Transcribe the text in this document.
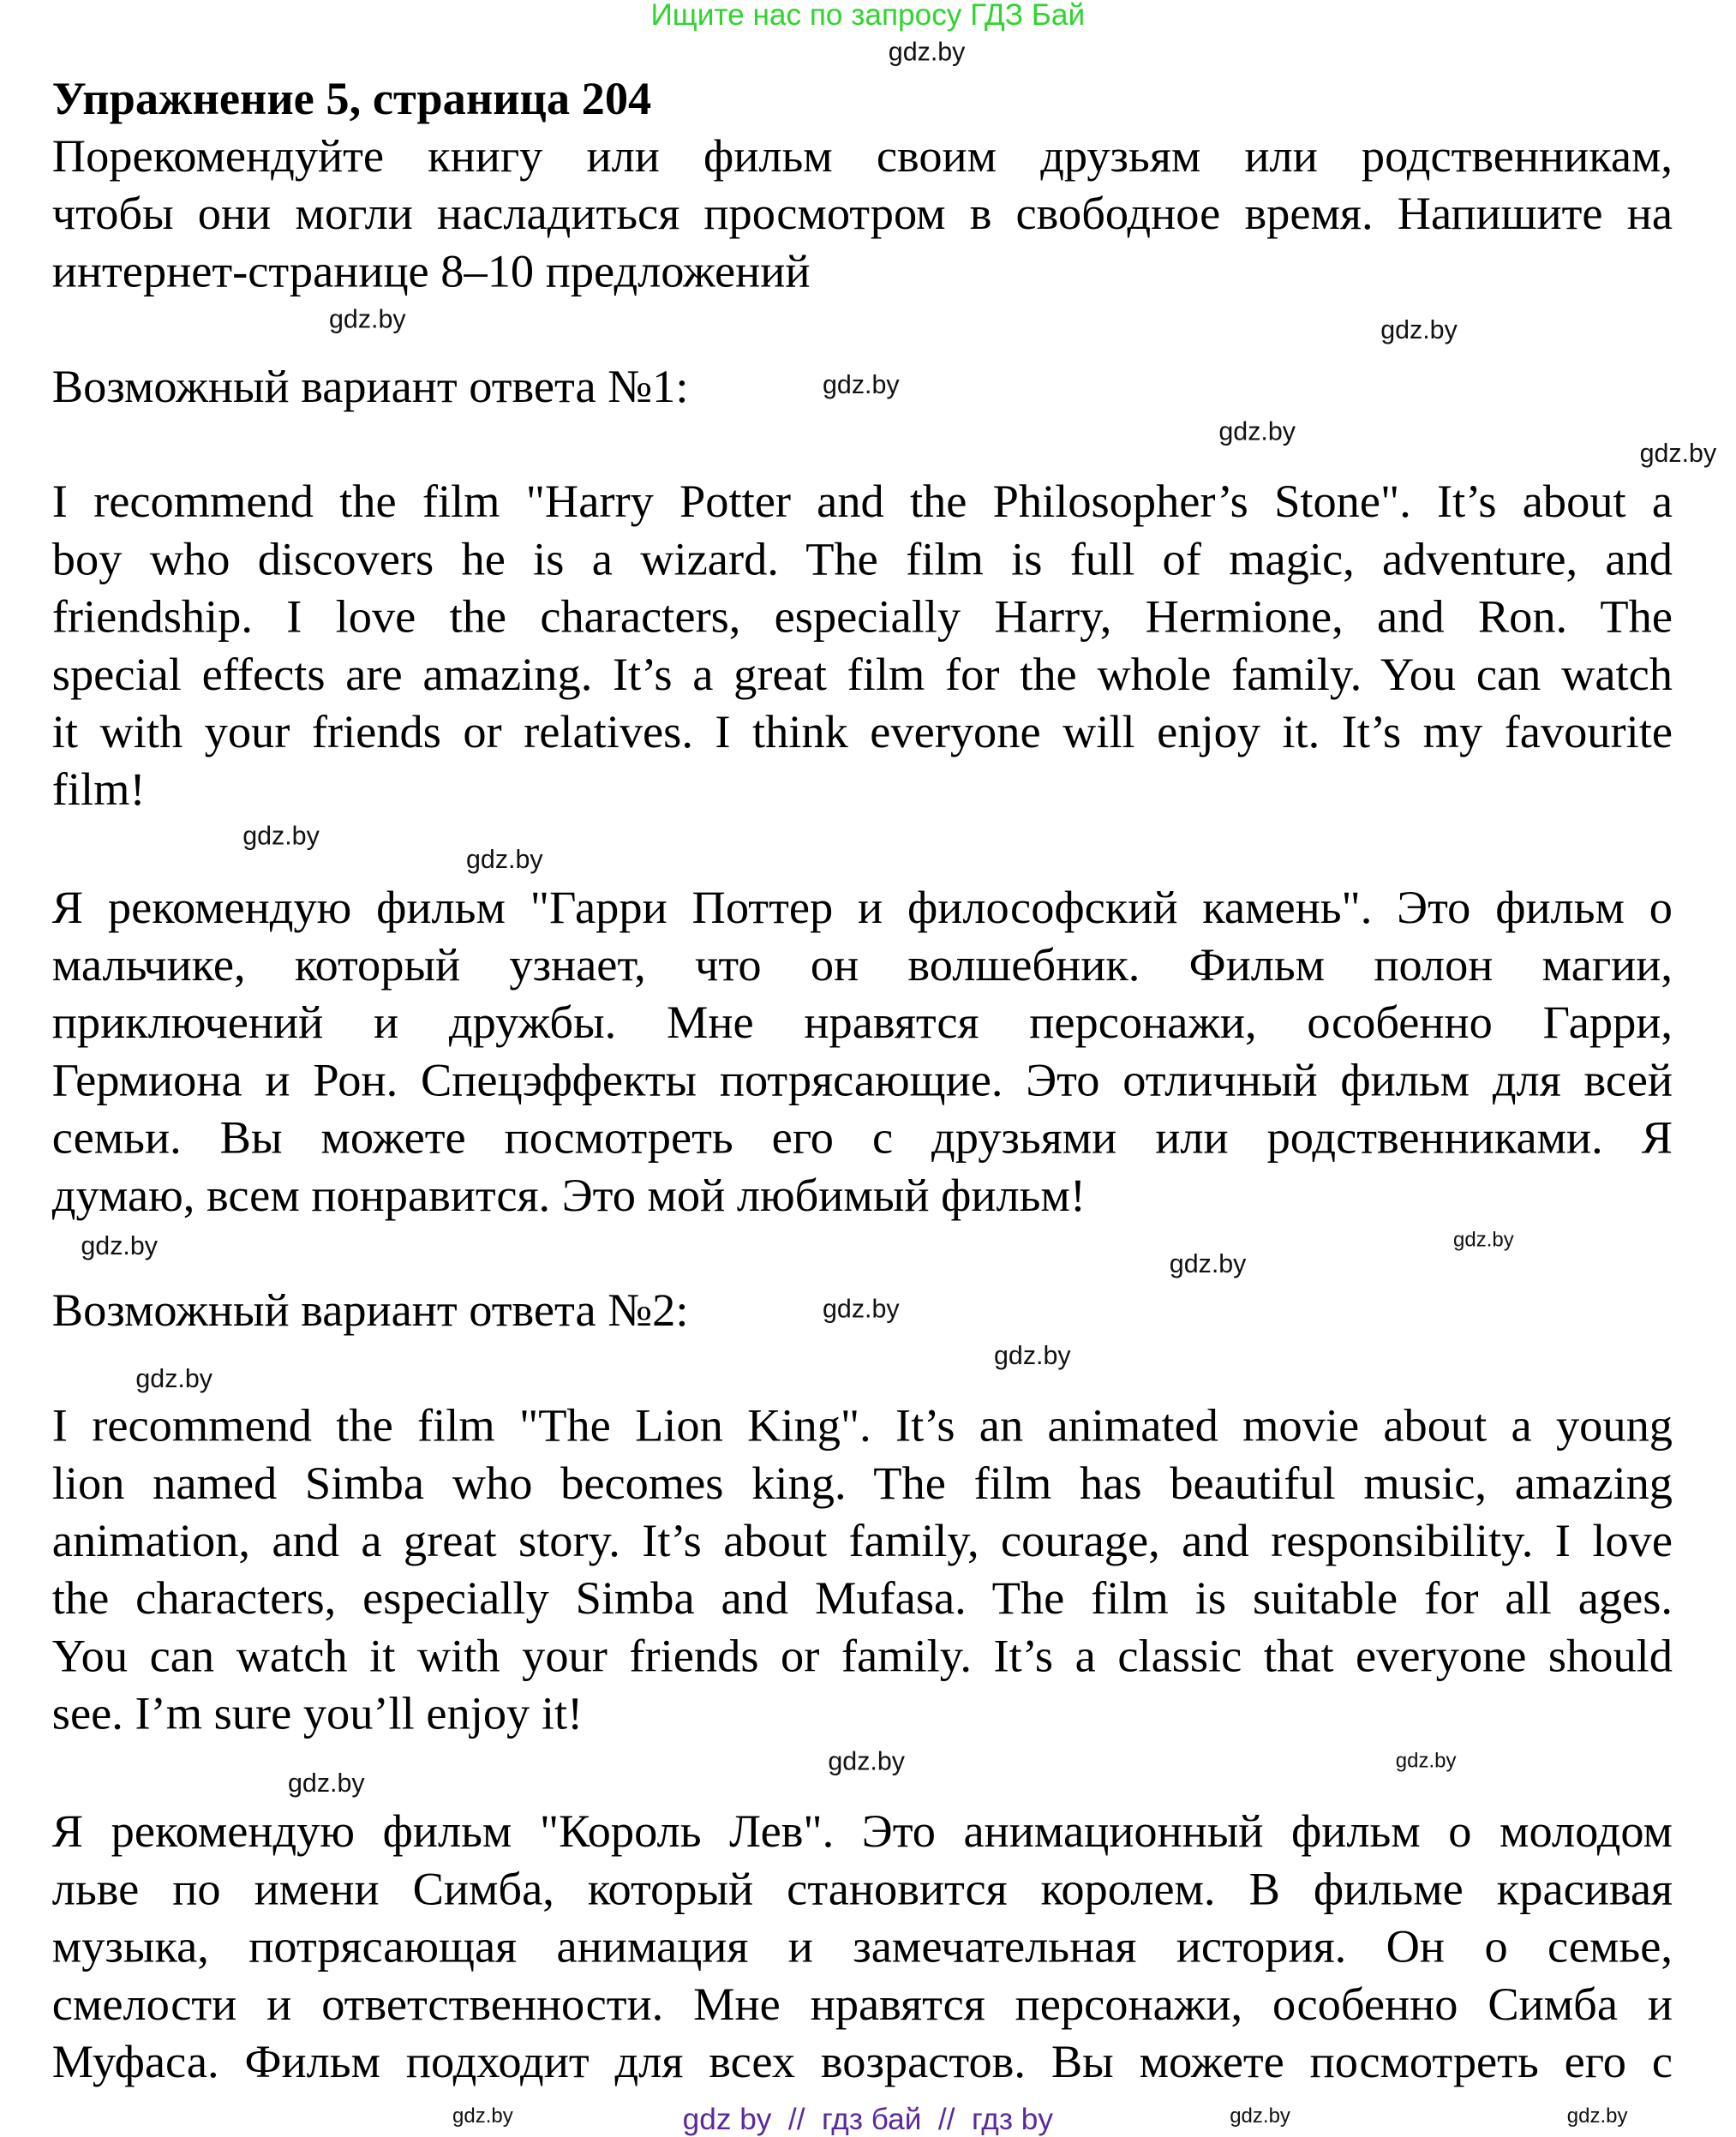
Ищите нас по запросу ГДЗ Бай
Упражнение 5, страница 204
Порекомендуйте книгу или фильм своим друзьям или родственникам,
чтобы они могли насладиться просмотром в свободное время. Напишите на
интернет-странице 8–10 предложений
Возможный вариант ответа №1:
I recommend the film "Harry Potter and the Philosopher’s Stone". It’s about a
boy who discovers he is a wizard. The film is full of magic, adventure, and
friendship. I love the characters, especially Harry, Hermione, and Ron. The
special effects are amazing. It’s a great film for the whole family. You can watch
it with your friends or relatives. I think everyone will enjoy it. It’s my favourite
film!
Я рекомендую фильм "Гарри Поттер и философский камень". Это фильм о
мальчике, который узнает, что он волшебник. Фильм полон магии,
приключений и дружбы. Мне нравятся персонажи, особенно Гарри,
Гермиона и Рон. Спецэффекты потрясающие. Это отличный фильм для всей
семьи. Вы можете посмотреть его с друзьями или родственниками. Я
думаю, всем понравится. Это мой любимый фильм!
Возможный вариант ответа №2:
I recommend the film "The Lion King". It’s an animated movie about a young
lion named Simba who becomes king. The film has beautiful music, amazing
animation, and a great story. It’s about family, courage, and responsibility. I love
the characters, especially Simba and Mufasa. The film is suitable for all ages.
You can watch it with your friends or family. It’s a classic that everyone should
see. I’m sure you’ll enjoy it!
Я рекомендую фильм "Король Лев". Это анимационный фильм о молодом
льве по имени Симба, который становится королем. В фильме красивая
музыка, потрясающая анимация и замечательная история. Он о семье,
смелости и ответственности. Мне нравятся персонажи, особенно Симба и
Муфаса. Фильм подходит для всех возрастов. Вы можете посмотреть его с
gdz.by
gdz.by
gdz.by
gdz.by
gdz.by
gdz.by
gdz.by
gdz.by
gdz.by
gdz.by
gdz.by
gdz.by
gdz.by
gdz.by
gdz.by
gdz.by
gdz.by
gdz.by	gdz.by
gdz.by
gdz by  //  гдз бай  //  гдз by
